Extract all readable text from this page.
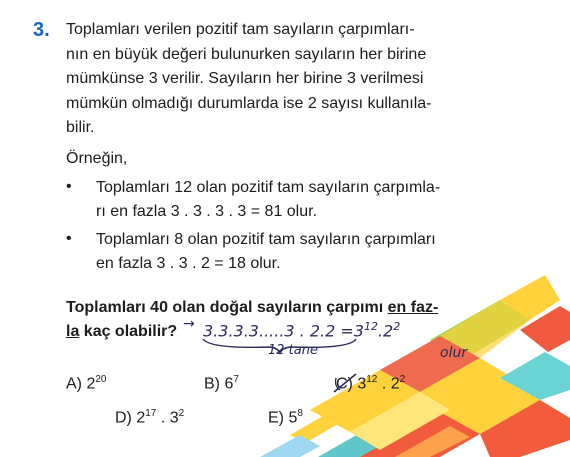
3. Toplamları verilen pozitif tam sayıların çarpımları-
nın en büyük değeri bulunurken sayıların her birine
mümkünse 3 verilir. Sayıların her birine 3 verilmesi
mümkün olmadığı durumlarda ise 2 sayısı kullanıla-
bilir.
Örneğin,
• Toplamları 12 olan pozitif tam sayıların çarpımla-
rı en fazla 3 . 3 . 3 . 3 = 81 olur.
• Toplamları 8 olan pozitif tam sayıların çarpımları
en fazla 3 . 3 . 2 = 18 olur.
Toplamları 40 olan doğal sayıların çarpımı en faz-
la kaç olabilir?	3.3.3.3.....3 . $2.2 =3^{12}.2^2$
12 tane	olur
→
A) $2^{20}$	B) $6^7$	C) $3^{12}$ . $2^2$
D) $2^{17}$ . $3^2$	E) $5^8$
